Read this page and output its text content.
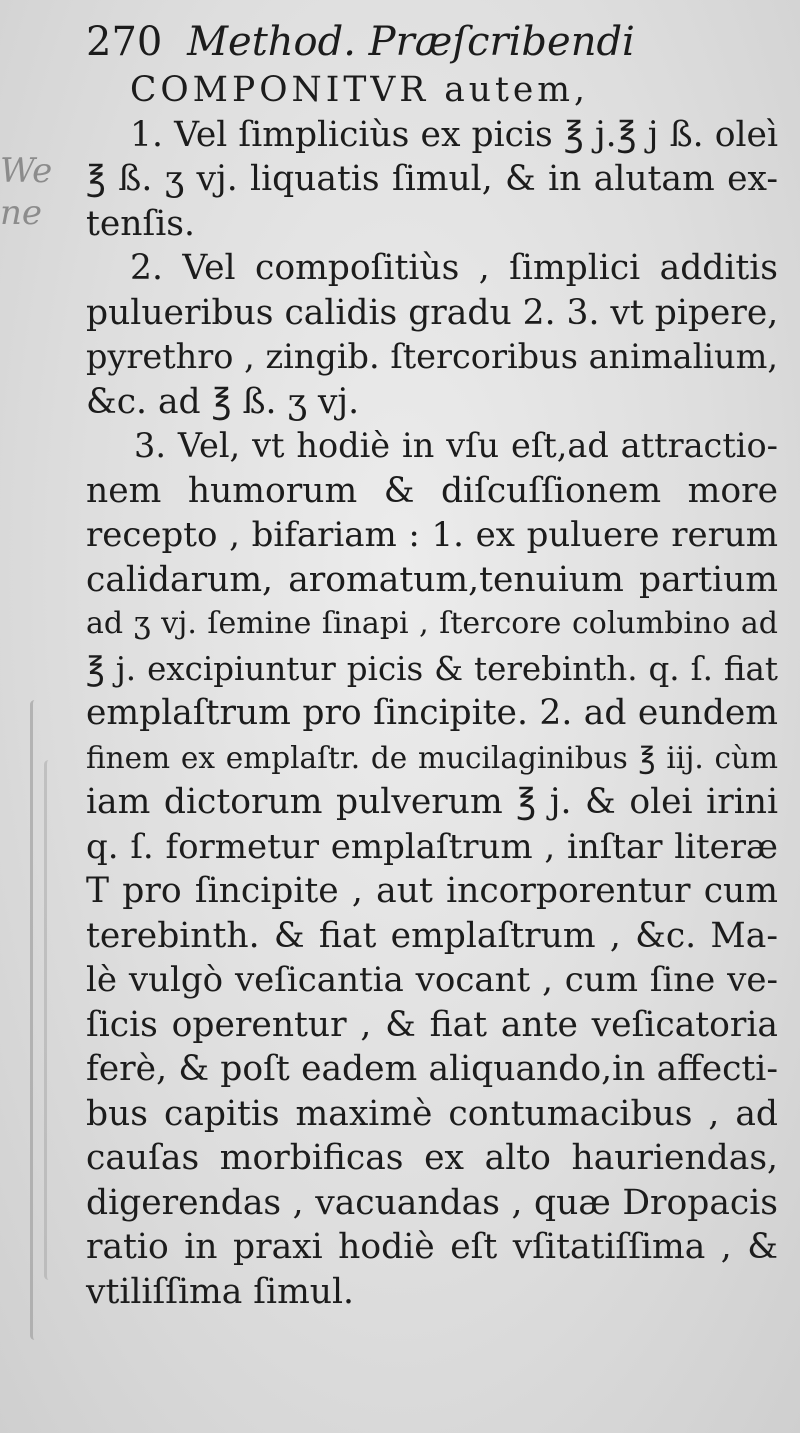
We
ne
270 Method. Præſcribendi
COMPONITVR autem,
1. Vel ſimpliciùs ex picis ℥ j.℥ j ß. oleì
℥ ß. ʒ vj. liquatis ſimul, & in alutam ex-
tenſis.
2. Vel compoſitiùs , ſimplici additis
pulueribus calidis gradu 2. 3. vt pipere,
pyrethro , zingib. ſtercoribus animalium,
&c. ad ℥ ß. ʒ vj.
3. Vel, vt hodiè in vſu eſt,ad attractio-
nem humorum & diſcuſſionem more
recepto , bifariam : 1. ex puluere rerum
calidarum, aromatum,tenuium partium
ad ʒ vj. ſemine ſinapi , ſtercore columbino ad
℥ j. excipiuntur picis & terebinth. q. ſ. fiat
emplaſtrum pro ſincipite. 2. ad eundem
finem ex emplaſtr. de mucilaginibus ℥ iij. cùm
iam dictorum pulverum ℥ j. & olei irini
q. ſ. formetur emplaſtrum , inſtar literæ
T pro ſincipite , aut incorporentur cum
terebinth. & fiat emplaſtrum , &c. Ma-
lè vulgò veſicantia vocant , cum ſine ve-
ſicis operentur , & fiat ante veſicatoria
ferè, & poſt eadem aliquando,in affecti-
bus capitis maximè contumacibus , ad
cauſas morbificas ex alto hauriendas,
digerendas , vacuandas , quæ Dropacis
ratio in praxi hodiè eſt vſitatiſſima , &
vtiliſſima ſimul.
